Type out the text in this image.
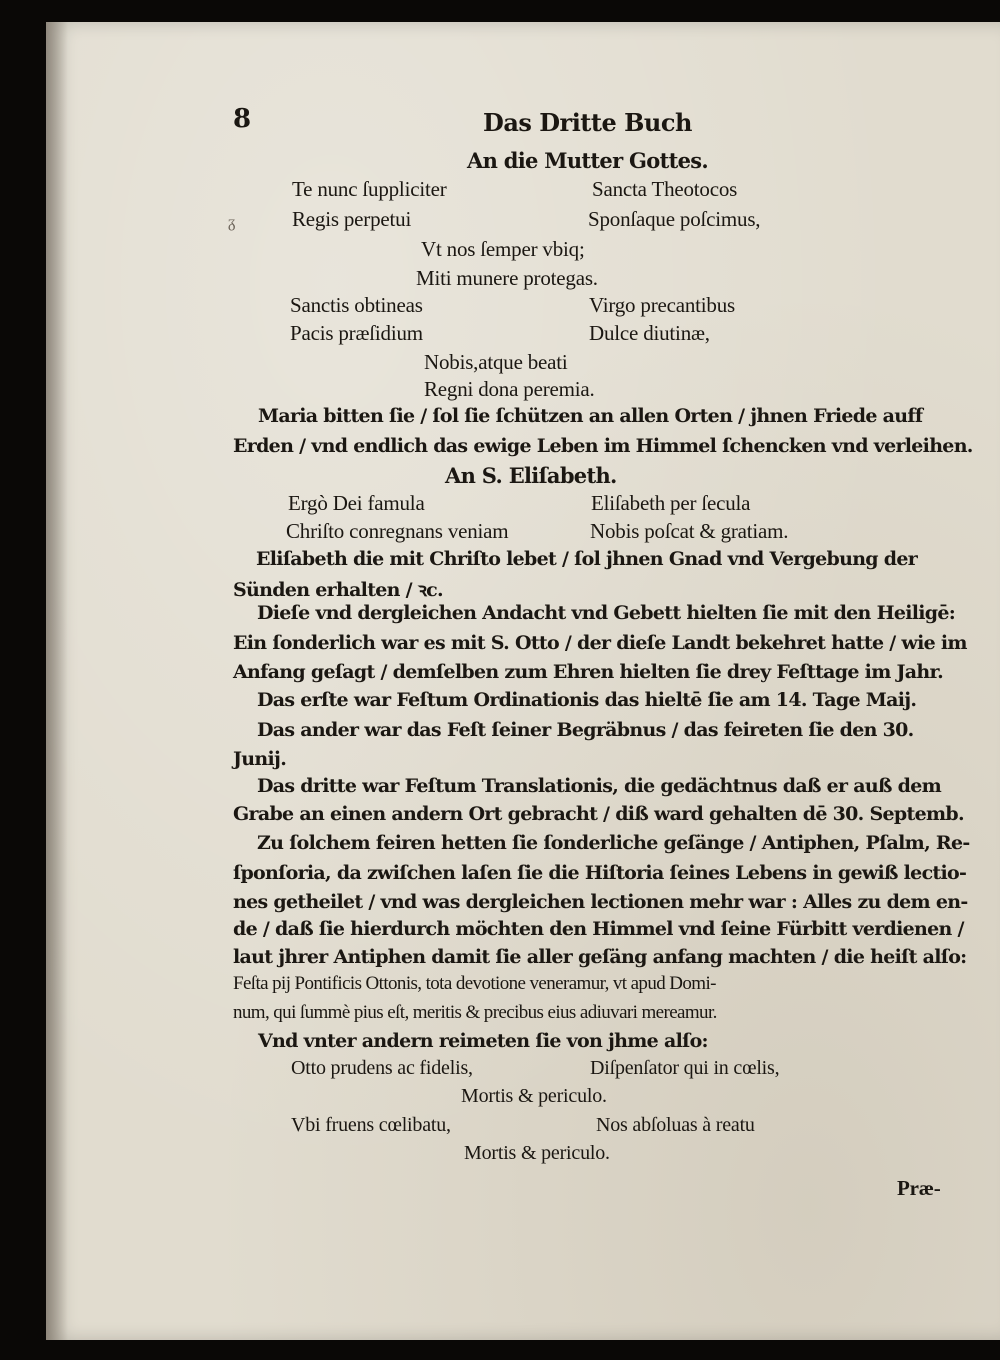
8	Das Dritte Buch
An die Mutter Gottes.
Te nunc ſuppliciter	Sancta Theotocos
ᵹ	Regis perpetui	Sponſaque poſcimus,
Vt nos ſemper vbiq;
Miti munere protegas.
Sanctis obtineas	Virgo precantibus
Pacis præſidium	Dulce diutinæ,
Nobis,atque beati
Regni dona peremia.
Maria bitten ſie / ſol ſie ſchützen an allen Orten / jhnen Friede auff
Erden / vnd endlich das ewige Leben im Himmel ſchencken vnd verleihen.
An S. Eliſabeth.
Ergò Dei famula	Eliſabeth per ſecula
Chriſto conregnans veniam	Nobis poſcat & gratiam.
Eliſabeth die mit Chriſto lebet / ſol jhnen Gnad vnd Vergebung der
Sünden erhalten / ꝛc.
Dieſe vnd dergleichen Andacht vnd Gebett hielten ſie mit den Heiligē:
Ein ſonderlich war es mit S. Otto / der dieſe Landt bekehret hatte / wie im
Anfang geſagt / demſelben zum Ehren hielten ſie drey Feſttage im Jahr.
Das erſte war Feſtum Ordinationis das hieltē ſie am 14. Tage Maij.
Das ander war das Feſt ſeiner Begräbnus / das feireten ſie den 30.
Junij.
Das dritte war Feſtum Translationis, die gedächtnus daß er auß dem
Grabe an einen andern Ort gebracht / diß ward gehalten dē 30. Septemb.
Zu ſolchem feiren hetten ſie ſonderliche geſänge / Antiphen, Pſalm, Re-
ſponſoria, da zwiſchen laſen ſie die Hiſtoria ſeines Lebens in gewiß lectio-
nes getheilet / vnd was dergleichen lectionen mehr war : Alles zu dem en-
de / daß ſie hierdurch möchten den Himmel vnd ſeine Fürbitt verdienen /
laut jhrer Antiphen damit ſie aller geſäng anfang machten / die heiſt alſo:
Feſta pij Pontificis Ottonis, tota devotione veneramur, vt apud Domi-
num, qui ſummè pius eſt, meritis & precibus eius adiuvari mereamur.
Vnd vnter andern reimeten ſie von jhme alſo:
Otto prudens ac fidelis,	Diſpenſator qui in cœlis,
Mortis & periculo.
Vbi fruens cœlibatu,	Nos abſoluas à reatu
Mortis & periculo.
Præ-
